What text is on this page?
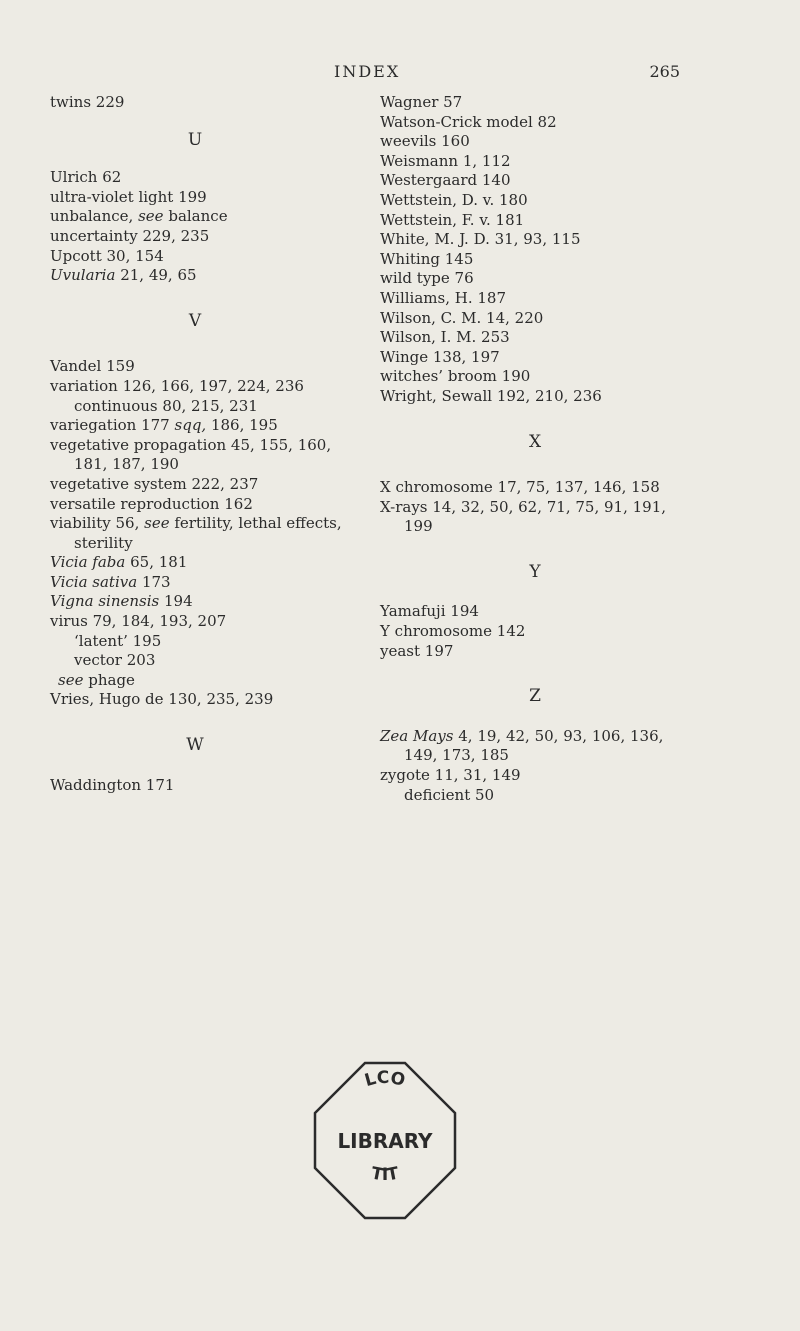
INDEX	265
twins 229
U
Ulrich 62
ultra-violet light 199
unbalance, see balance
uncertainty 229, 235
Upcott 30, 154
Uvularia 21, 49, 65
V
Vandel 159
variation 126, 166, 197, 224, 236
continuous 80, 215, 231
variegation 177 sqq, 186, 195
vegetative propagation 45, 155, 160,
181, 187, 190
vegetative system 222, 237
versatile reproduction 162
viability 56, see fertility, lethal effects,
sterility
Vicia faba 65, 181
Vicia sativa 173
Vigna sinensis 194
virus 79, 184, 193, 207
‘latent’ 195
vector 203
see phage
Vries, Hugo de 130, 235, 239
W
Waddington 171
Wagner 57
Watson-Crick model 82
weevils 160
Weismann 1, 112
Westergaard 140
Wettstein, D. v. 180
Wettstein, F. v. 181
White, M. J. D. 31, 93, 115
Whiting 145
wild type 76
Williams, H. 187
Wilson, C. M. 14, 220
Wilson, I. M. 253
Winge 138, 197
witches’ broom 190
Wright, Sewall 192, 210, 236
X
X chromosome 17, 75, 137, 146, 158
X-rays 14, 32, 50, 62, 71, 75, 91, 191,
199
Y
Yamafuji 194
Y chromosome 142
yeast 197
Z
Zea Mays 4, 19, 42, 50, 93, 106, 136,
149, 173, 185
zygote 11, 31, 149
deficient 50
LCO
LIBRARY
TIT
